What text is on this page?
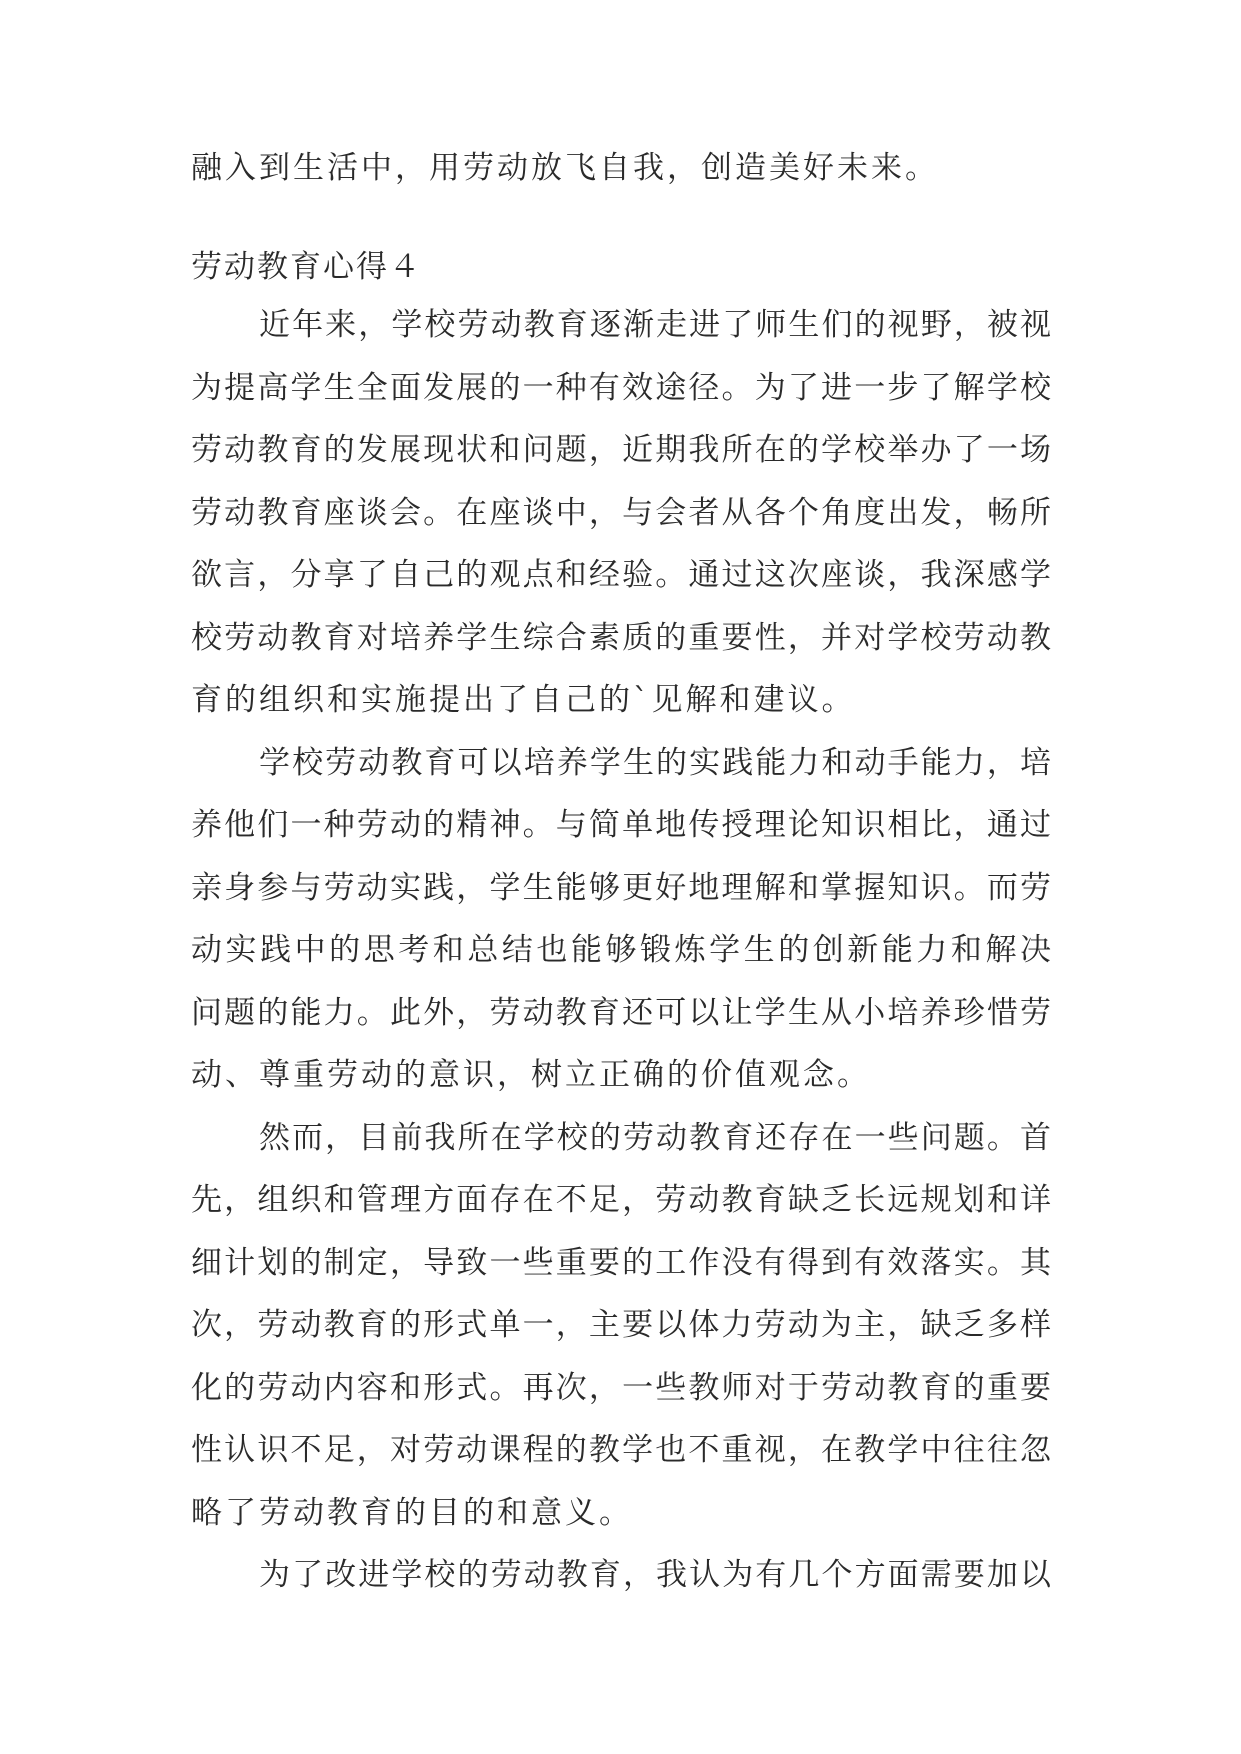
融入到生活中，用劳动放飞自我，创造美好未来。
劳动教育心得４
近年来，学校劳动教育逐渐走进了师生们的视野，被视
为提高学生全面发展的一种有效途径。为了进一步了解学校
劳动教育的发展现状和问题，近期我所在的学校举办了一场
劳动教育座谈会。在座谈中，与会者从各个角度出发，畅所
欲言，分享了自己的观点和经验。通过这次座谈，我深感学
校劳动教育对培养学生综合素质的重要性，并对学校劳动教
育的组织和实施提出了自己的`见解和建议。
学校劳动教育可以培养学生的实践能力和动手能力，培
养他们一种劳动的精神。与简单地传授理论知识相比，通过
亲身参与劳动实践，学生能够更好地理解和掌握知识。而劳
动实践中的思考和总结也能够锻炼学生的创新能力和解决
问题的能力。此外，劳动教育还可以让学生从小培养珍惜劳
动、尊重劳动的意识，树立正确的价值观念。
然而，目前我所在学校的劳动教育还存在一些问题。首
先，组织和管理方面存在不足，劳动教育缺乏长远规划和详
细计划的制定，导致一些重要的工作没有得到有效落实。其
次，劳动教育的形式单一，主要以体力劳动为主，缺乏多样
化的劳动内容和形式。再次，一些教师对于劳动教育的重要
性认识不足，对劳动课程的教学也不重视，在教学中往往忽
略了劳动教育的目的和意义。
为了改进学校的劳动教育，我认为有几个方面需要加以
